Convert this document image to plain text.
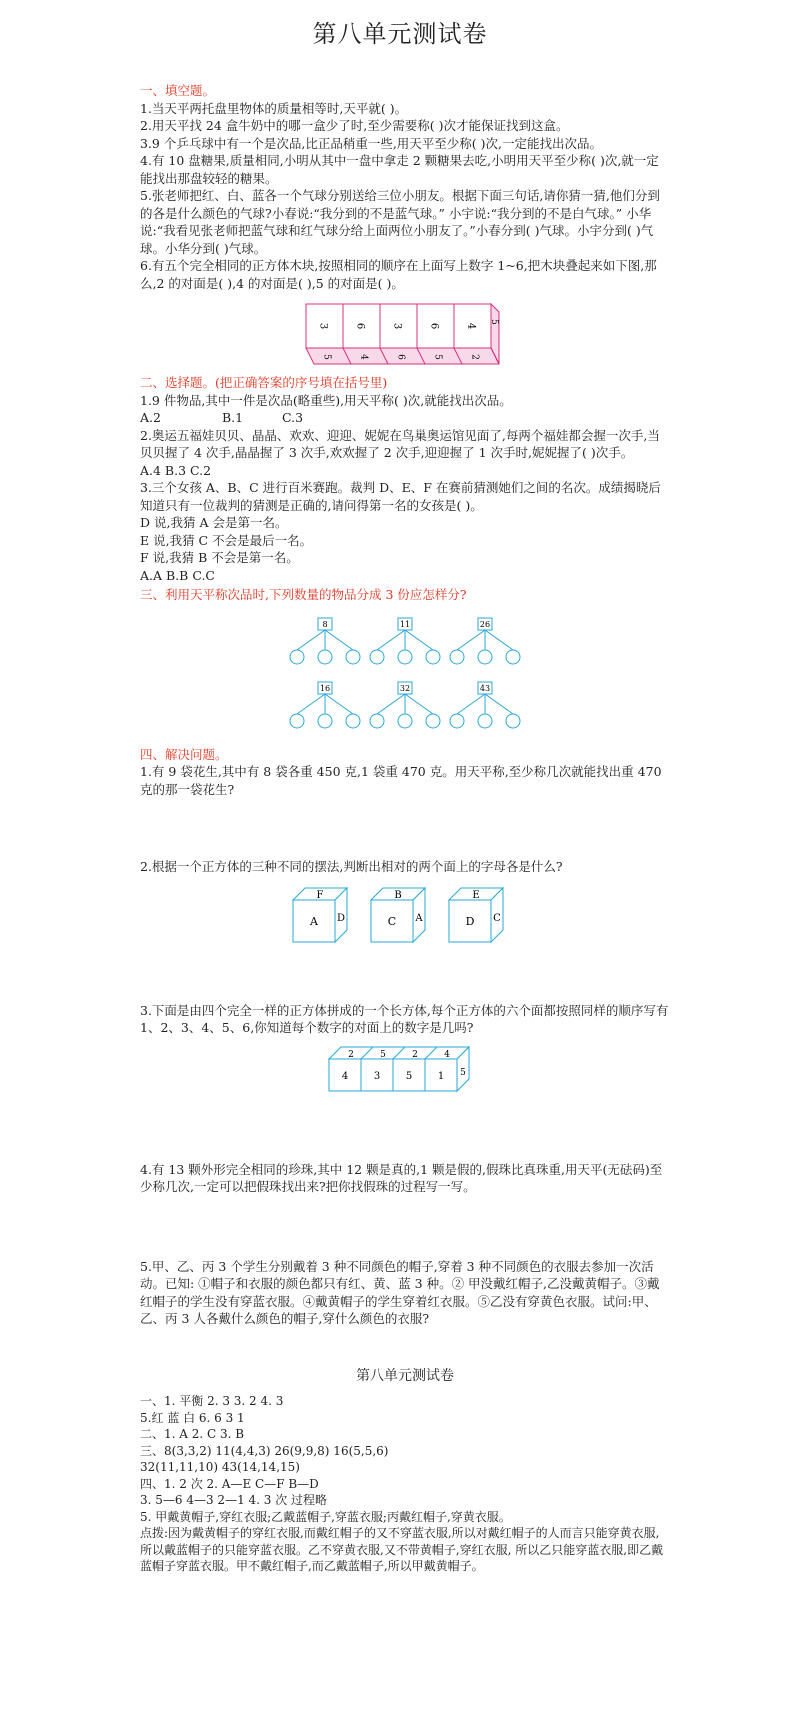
第八单元测试卷
一、填空题。

1.当天平两托盘里物体的质量相等时,天平就( )。

2.用天平找 24 盒牛奶中的哪一盒少了时,至少需要称( )次才能保证找到这盒。

3.9 个乒乓球中有一个是次品,比正品稍重一些,用天平至少称( )次,一定能找出次品。

4.有 10 盘糖果,质量相同,小明从其中一盘中拿走 2 颗糖果去吃,小明用天平至少称( )次,就一定能找出那盘较轻的糖果。

5.张老师把红、白、蓝各一个气球分别送给三位小朋友。根据下面三句话,请你猜一猜,他们分到的各是什么颜色的气球?小春说:“我分到的不是蓝气球。” 小宇说:“我分到的不是白气球。” 小华说:“我看见张老师把蓝气球和红气球分给上面两位小朋友了。”小春分到( )气球。小宇分到( )气球。小华分到( )气球。

6.有五个完全相同的正方体木块,按照相同的顺序在上面写上数字 1~6,把木块叠起来如下图,那么,2 的对面是( ),4 的对面是( ),5 的对面是( )。

3
5
6
4
3
6
6
5
4
2
5
二、选择题。(把正确答案的序号填在括号里)

1.9 件物品,其中一件是次品(略重些),用天平称( )次,就能找出次品。

A.2	B.1	C.3

2.奥运五福娃贝贝、晶晶、欢欢、迎迎、妮妮在鸟巢奥运馆见面了,每两个福娃都会握一次手,当贝贝握了 4 次手,晶晶握了 3 次手,欢欢握了 2 次手,迎迎握了 1 次手时,妮妮握了( )次手。

A.4 B.3 C.2

3.三个女孩 A、B、C 进行百米赛跑。裁判 D、E、F 在赛前猜测她们之间的名次。成绩揭晓后知道只有一位裁判的猜测是正确的,请问得第一名的女孩是( )。

D 说,我猜 A 会是第一名。

E 说,我猜 C 不会是最后一名。

F 说,我猜 B 不会是第一名。

A.A B.B C.C

三、利用天平称次品时,下列数量的物品分成 3 份应怎样分?
8	11	26
16	32	43
四、解决问题。

1.有 9 袋花生,其中有 8 袋各重 450 克,1 袋重 470 克。用天平称,至少称几次就能找出重 470 克的那一袋花生?

2.根据一个正方体的三种不同的摆法,判断出相对的两个面上的字母各是什么?

F
A D
B
C A
E
D C

3.下面是由四个完全一样的正方体拼成的一个长方体,每个正方体的六个面都按照同样的顺序写有 1、2、3、4、5、6,你知道每个数字的对面上的数字是几吗?

2
4
5
3
2
5
4
1 5

4.有 13 颗外形完全相同的珍珠,其中 12 颗是真的,1 颗是假的,假珠比真珠重,用天平(无砝码)至少称几次,一定可以把假珠找出来?把你找假珠的过程写一写。

5.甲、乙、丙 3 个学生分别戴着 3 种不同颜色的帽子,穿着 3 种不同颜色的衣服去参加一次活动。已知: ①帽子和衣服的颜色都只有红、黄、蓝 3 种。② 甲没戴红帽子,乙没戴黄帽子。③戴红帽子的学生没有穿蓝衣服。④戴黄帽子的学生穿着红衣服。⑤乙没有穿黄色衣服。试问:甲、乙、丙 3 人各戴什么颜色的帽子,穿什么颜色的衣服?

第八单元测试卷

一、1. 平衡 2. 3 3. 2 4. 3

5.红 蓝 白 6. 6 3 1

二、1. A 2. C 3. B

三、8(3,3,2) 11(4,4,3) 26(9,9,8) 16(5,5,6)

32(11,11,10) 43(14,14,15)

四、1. 2 次 2. A—E C—F B—D

3. 5—6 4—3 2—1 4. 3 次 过程略

5. 甲戴黄帽子,穿红衣服;乙戴蓝帽子,穿蓝衣服;丙戴红帽子,穿黄衣服。

点拨:因为戴黄帽子的穿红衣服,而戴红帽子的又不穿蓝衣服,所以对戴红帽子的人而言只能穿黄衣服,所以戴蓝帽子的只能穿蓝衣服。乙不穿黄衣服,又不带黄帽子,穿红衣服, 所以乙只能穿蓝衣服,即乙戴蓝帽子穿蓝衣服。甲不戴红帽子,而乙戴蓝帽子,所以甲戴黄帽子。
